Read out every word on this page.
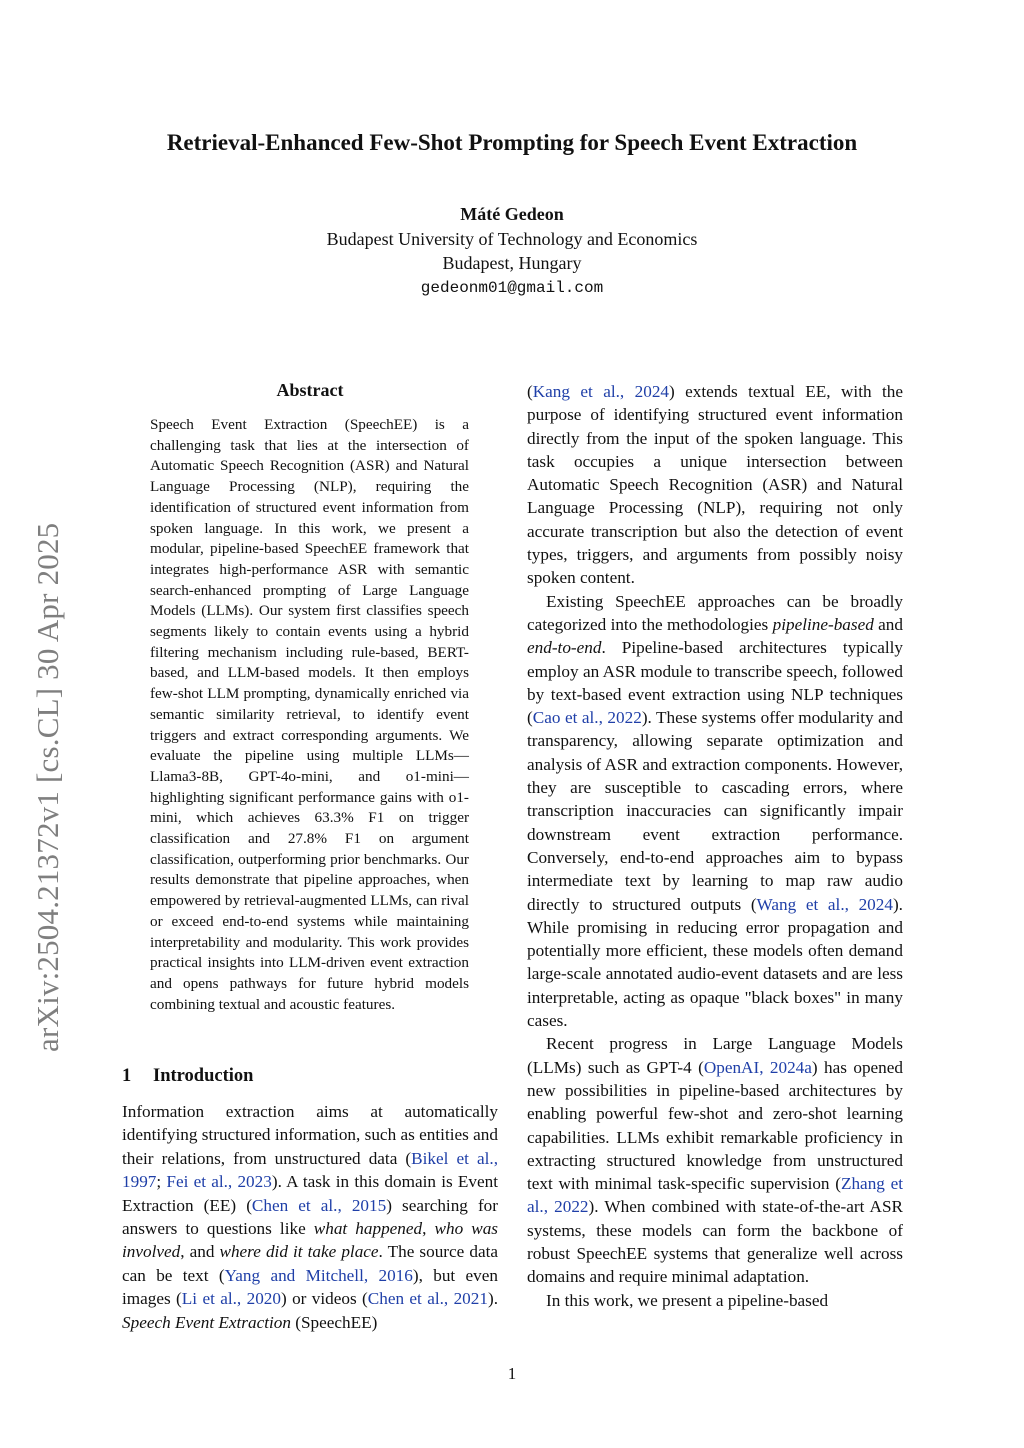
arXiv:2504.21372v1 [cs.CL] 30 Apr 2025
Retrieval-Enhanced Few-Shot Prompting for Speech Event Extraction
Máté Gedeon
Budapest University of Technology and Economics
Budapest, Hungary
gedeonm01@gmail.com
Abstract

Speech Event Extraction (SpeechEE) is a challenging task that lies at the intersection of Automatic Speech Recognition (ASR) and Natural Language Processing (NLP), requiring the identification of structured event information from spoken language. In this work, we present a modular, pipeline-based SpeechEE framework that integrates high-performance ASR with semantic search-enhanced prompting of Large Language Models (LLMs). Our system first classifies speech segments likely to contain events using a hybrid filtering mechanism including rule-based, BERT-based, and LLM-based models. It then employs few-shot LLM prompting, dynamically enriched via semantic similarity retrieval, to identify event triggers and extract corresponding arguments. We evaluate the pipeline using multiple LLMs—Llama3-8B, GPT-4o-mini, and o1-mini—highlighting significant performance gains with o1-mini, which achieves 63.3% F1 on trigger classification and 27.8% F1 on argument classification, outperforming prior benchmarks. Our results demonstrate that pipeline approaches, when empowered by retrieval-augmented LLMs, can rival or exceed end-to-end systems while maintaining interpretability and modularity. This work provides practical insights into LLM-driven event extraction and opens pathways for future hybrid models combining textual and acoustic features.

1 Introduction

Information extraction aims at automatically identifying structured information, such as entities and their relations, from unstructured data (Bikel et al., 1997; Fei et al., 2023). A task in this domain is Event Extraction (EE) (Chen et al., 2015) searching for answers to questions like what happened, who was involved, and where did it take place. The source data can be text (Yang and Mitchell, 2016), but even images (Li et al., 2020) or videos (Chen et al., 2021). Speech Event Extraction (SpeechEE)

(Kang et al., 2024) extends textual EE, with the purpose of identifying structured event information directly from the input of the spoken language. This task occupies a unique intersection between Automatic Speech Recognition (ASR) and Natural Language Processing (NLP), requiring not only accurate transcription but also the detection of event types, triggers, and arguments from possibly noisy spoken content.

Existing SpeechEE approaches can be broadly categorized into the methodologies pipeline-based and end-to-end. Pipeline-based architectures typically employ an ASR module to transcribe speech, followed by text-based event extraction using NLP techniques (Cao et al., 2022). These systems offer modularity and transparency, allowing separate optimization and analysis of ASR and extraction components. However, they are susceptible to cascading errors, where transcription inaccuracies can significantly impair downstream event extraction performance. Conversely, end-to-end approaches aim to bypass intermediate text by learning to map raw audio directly to structured outputs (Wang et al., 2024). While promising in reducing error propagation and potentially more efficient, these models often demand large-scale annotated audio-event datasets and are less interpretable, acting as opaque "black boxes" in many cases.

Recent progress in Large Language Models (LLMs) such as GPT-4 (OpenAI, 2024a) has opened new possibilities in pipeline-based architectures by enabling powerful few-shot and zero-shot learning capabilities. LLMs exhibit remarkable proficiency in extracting structured knowledge from unstructured text with minimal task-specific supervision (Zhang et al., 2022). When combined with state-of-the-art ASR systems, these models can form the backbone of robust SpeechEE systems that generalize well across domains and require minimal adaptation.

In this work, we present a pipeline-based

1
